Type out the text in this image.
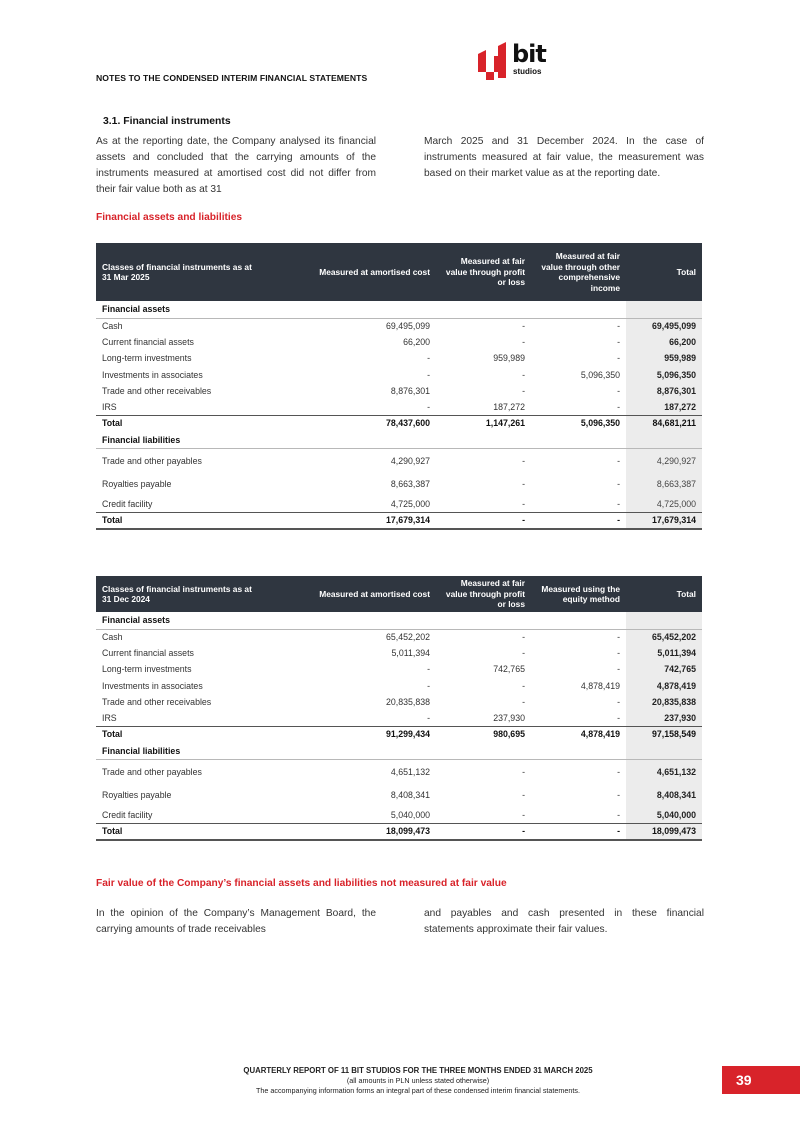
NOTES TO THE CONDENSED INTERIM FINANCIAL STATEMENTS
bit
studios
3.1. Financial instruments
As at the reporting date, the Company analysed its financial assets and concluded that the carrying amounts of the instruments measured at amortised cost did not differ from their fair value both as at 31
March 2025 and 31 December 2024. In the case of instruments measured at fair value, the measurement was based on their market value as at the reporting date.
Financial assets and liabilities
Classes of financial instruments as at 31 Mar 2025	Measured at amortised cost	Measured at fair value through profit or loss	Measured at fair value through other comprehensive income	Total
Financial assets				
Cash	69,495,099	-	-	69,495,099
Current financial assets	66,200	-	-	66,200
Long-term investments	-	959,989	-	959,989
Investments in associates	-	-	5,096,350	5,096,350
Trade and other receivables	8,876,301	-	-	8,876,301
IRS	-	187,272	-	187,272
Total	78,437,600	1,147,261	5,096,350	84,681,211
Financial liabilities				
Trade and other payables	4,290,927	-	-	4,290,927
Royalties payable	8,663,387	-	-	8,663,387
Credit facility	4,725,000	-	-	4,725,000
Total	17,679,314	-	-	17,679,314
Classes of financial instruments as at 31 Dec 2024	Measured at amortised cost	Measured at fair value through profit or loss	Measured using the equity method	Total
Financial assets				
Cash	65,452,202	-	-	65,452,202
Current financial assets	5,011,394	-	-	5,011,394
Long-term investments	-	742,765	-	742,765
Investments in associates	-	-	4,878,419	4,878,419
Trade and other receivables	20,835,838	-	-	20,835,838
IRS	-	237,930	-	237,930
Total	91,299,434	980,695	4,878,419	97,158,549
Financial liabilities				
Trade and other payables	4,651,132	-	-	4,651,132
Royalties payable	8,408,341	-	-	8,408,341
Credit facility	5,040,000	-	-	5,040,000
Total	18,099,473	-	-	18,099,473
Fair value of the Company’s financial assets and liabilities not measured at fair value
In the opinion of the Company’s Management Board, the carrying amounts of trade receivables
and payables and cash presented in these financial statements approximate their fair values.
QUARTERLY REPORT OF 11 BIT STUDIOS FOR THE THREE MONTHS ENDED 31 MARCH 2025
(all amounts in PLN unless stated otherwise)
The accompanying information forms an integral part of these condensed interim financial statements.
39
